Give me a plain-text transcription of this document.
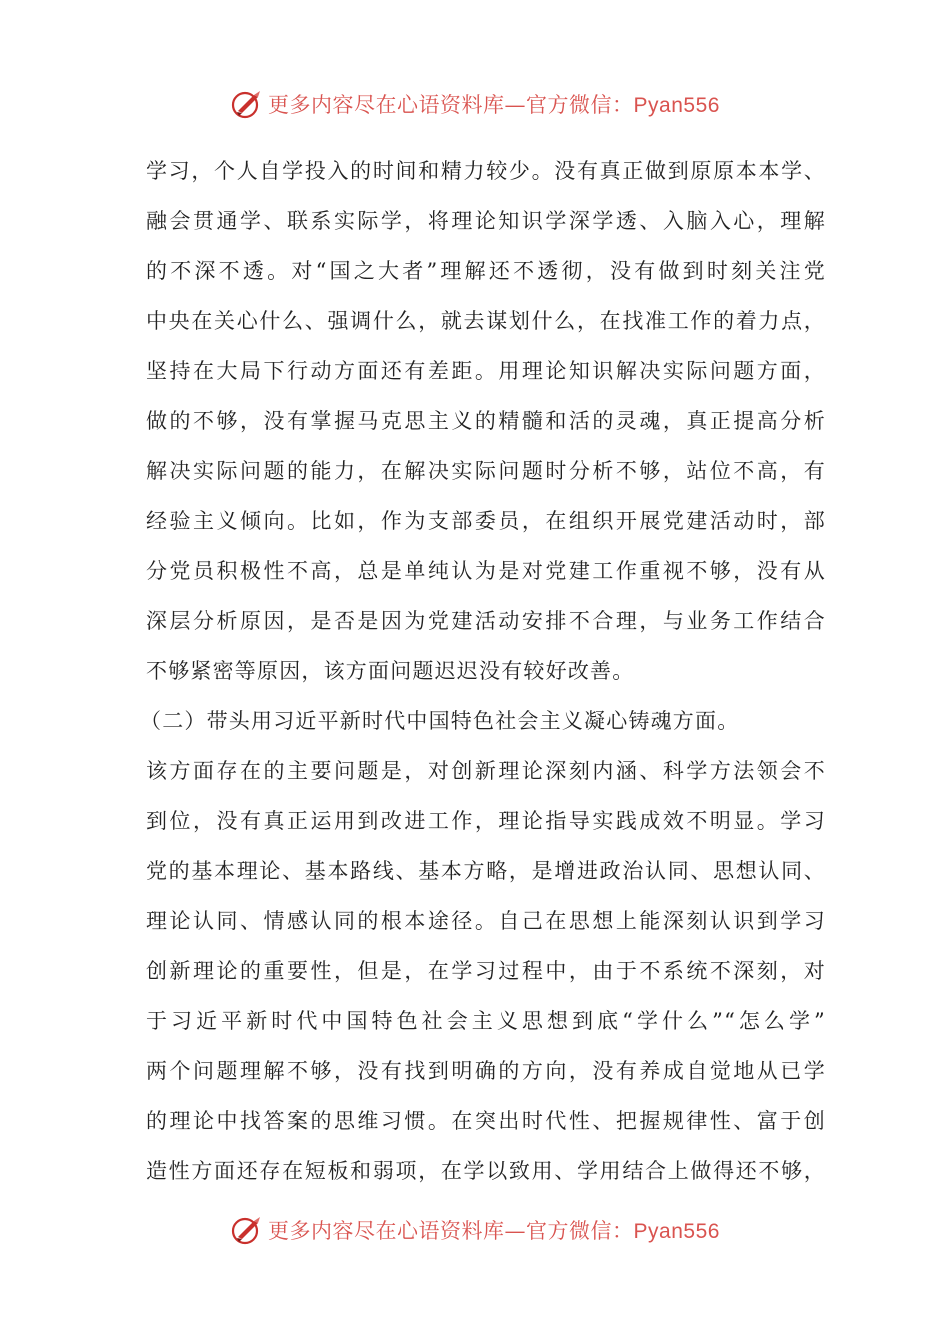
更多内容尽在心语资料库—官方微信：Pyan556
学习，个人自学投入的时间和精力较少。没有真正做到原原本本学、
融会贯通学、联系实际学，将理论知识学深学透、入脑入心，理解
的不深不透。对“国之大者”理解还不透彻，没有做到时刻关注党
中央在关心什么、强调什么，就去谋划什么，在找准工作的着力点，
坚持在大局下行动方面还有差距。用理论知识解决实际问题方面，
做的不够，没有掌握马克思主义的精髓和活的灵魂，真正提高分析
解决实际问题的能力，在解决实际问题时分析不够，站位不高，有
经验主义倾向。比如，作为支部委员，在组织开展党建活动时，部
分党员积极性不高，总是单纯认为是对党建工作重视不够，没有从
深层分析原因，是否是因为党建活动安排不合理，与业务工作结合
不够紧密等原因，该方面问题迟迟没有较好改善。
（二）带头用习近平新时代中国特色社会主义凝心铸魂方面。
该方面存在的主要问题是，对创新理论深刻内涵、科学方法领会不
到位，没有真正运用到改进工作，理论指导实践成效不明显。学习
党的基本理论、基本路线、基本方略，是增进政治认同、思想认同、
理论认同、情感认同的根本途径。自己在思想上能深刻认识到学习
创新理论的重要性，但是，在学习过程中，由于不系统不深刻，对
于习近平新时代中国特色社会主义思想到底“学什么”“怎么学”
两个问题理解不够，没有找到明确的方向，没有养成自觉地从已学
的理论中找答案的思维习惯。在突出时代性、把握规律性、富于创
造性方面还存在短板和弱项，在学以致用、学用结合上做得还不够，
更多内容尽在心语资料库—官方微信：Pyan556
